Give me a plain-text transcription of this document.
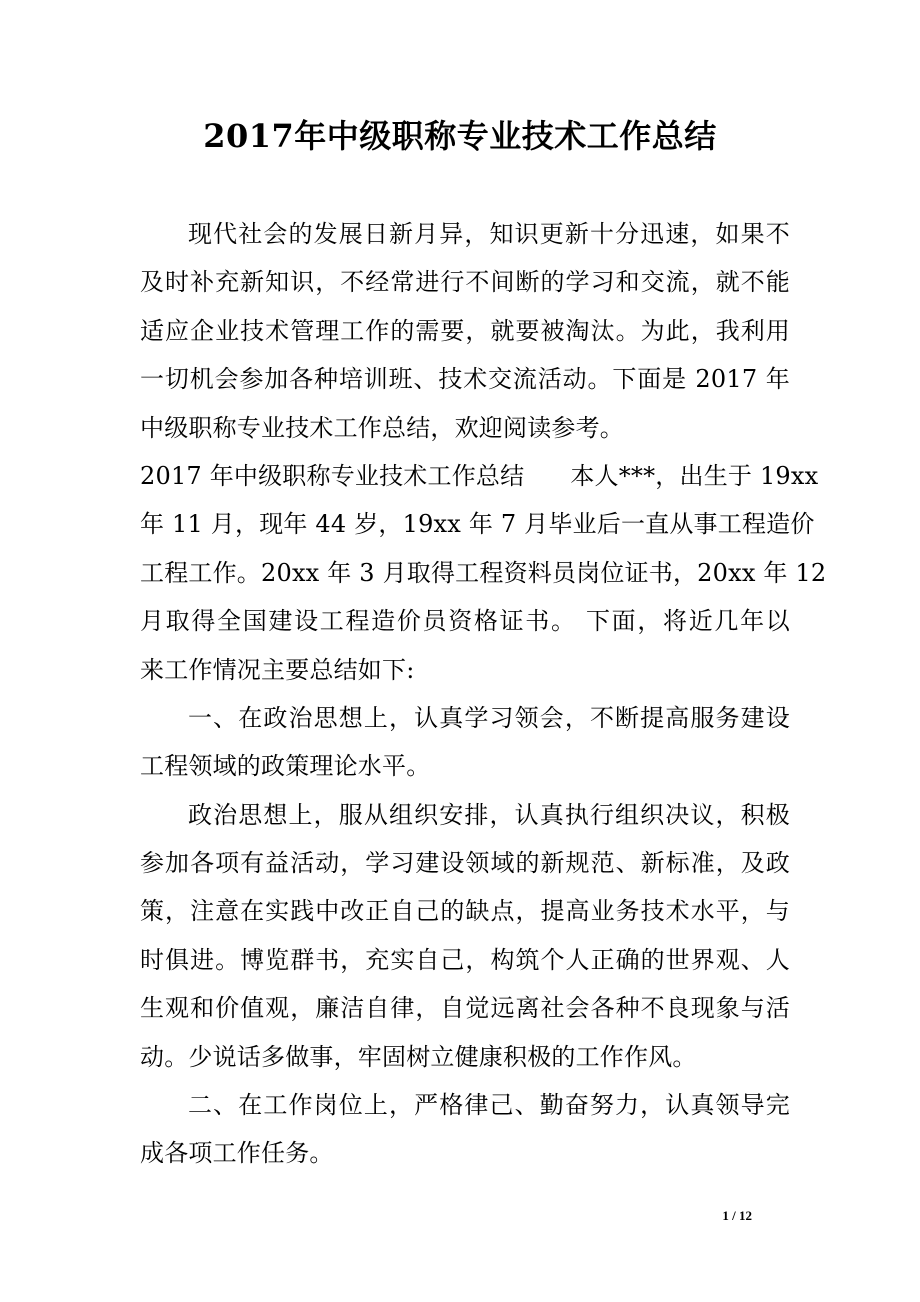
2017年中级职称专业技术工作总结
现代社会的发展日新月异，知识更新十分迅速，如果不
及时补充新知识，不经常进行不间断的学习和交流，就不能
适应企业技术管理工作的需要，就要被淘汰。为此，我利用
一切机会参加各种培训班、技术交流活动。下面是 2017 年
中级职称专业技术工作总结，欢迎阅读参考。
2017 年中级职称专业技术工作总结 本人***，出生于 19xx
年 11 月，现年 44 岁，19xx 年 7 月毕业后一直从事工程造价
工程工作。20xx 年 3 月取得工程资料员岗位证书，20xx 年 12
月取得全国建设工程造价员资格证书。 下面，将近几年以
来工作情况主要总结如下:
一、在政治思想上，认真学习领会，不断提高服务建设
工程领域的政策理论水平。
政治思想上，服从组织安排，认真执行组织决议，积极
参加各项有益活动，学习建设领域的新规范、新标准，及政
策，注意在实践中改正自己的缺点，提高业务技术水平，与
时俱进。博览群书，充实自己，构筑个人正确的世界观、人
生观和价值观，廉洁自律，自觉远离社会各种不良现象与活
动。少说话多做事，牢固树立健康积极的工作作风。
二、在工作岗位上，严格律己、勤奋努力，认真领导完
成各项工作任务。
1 / 12
